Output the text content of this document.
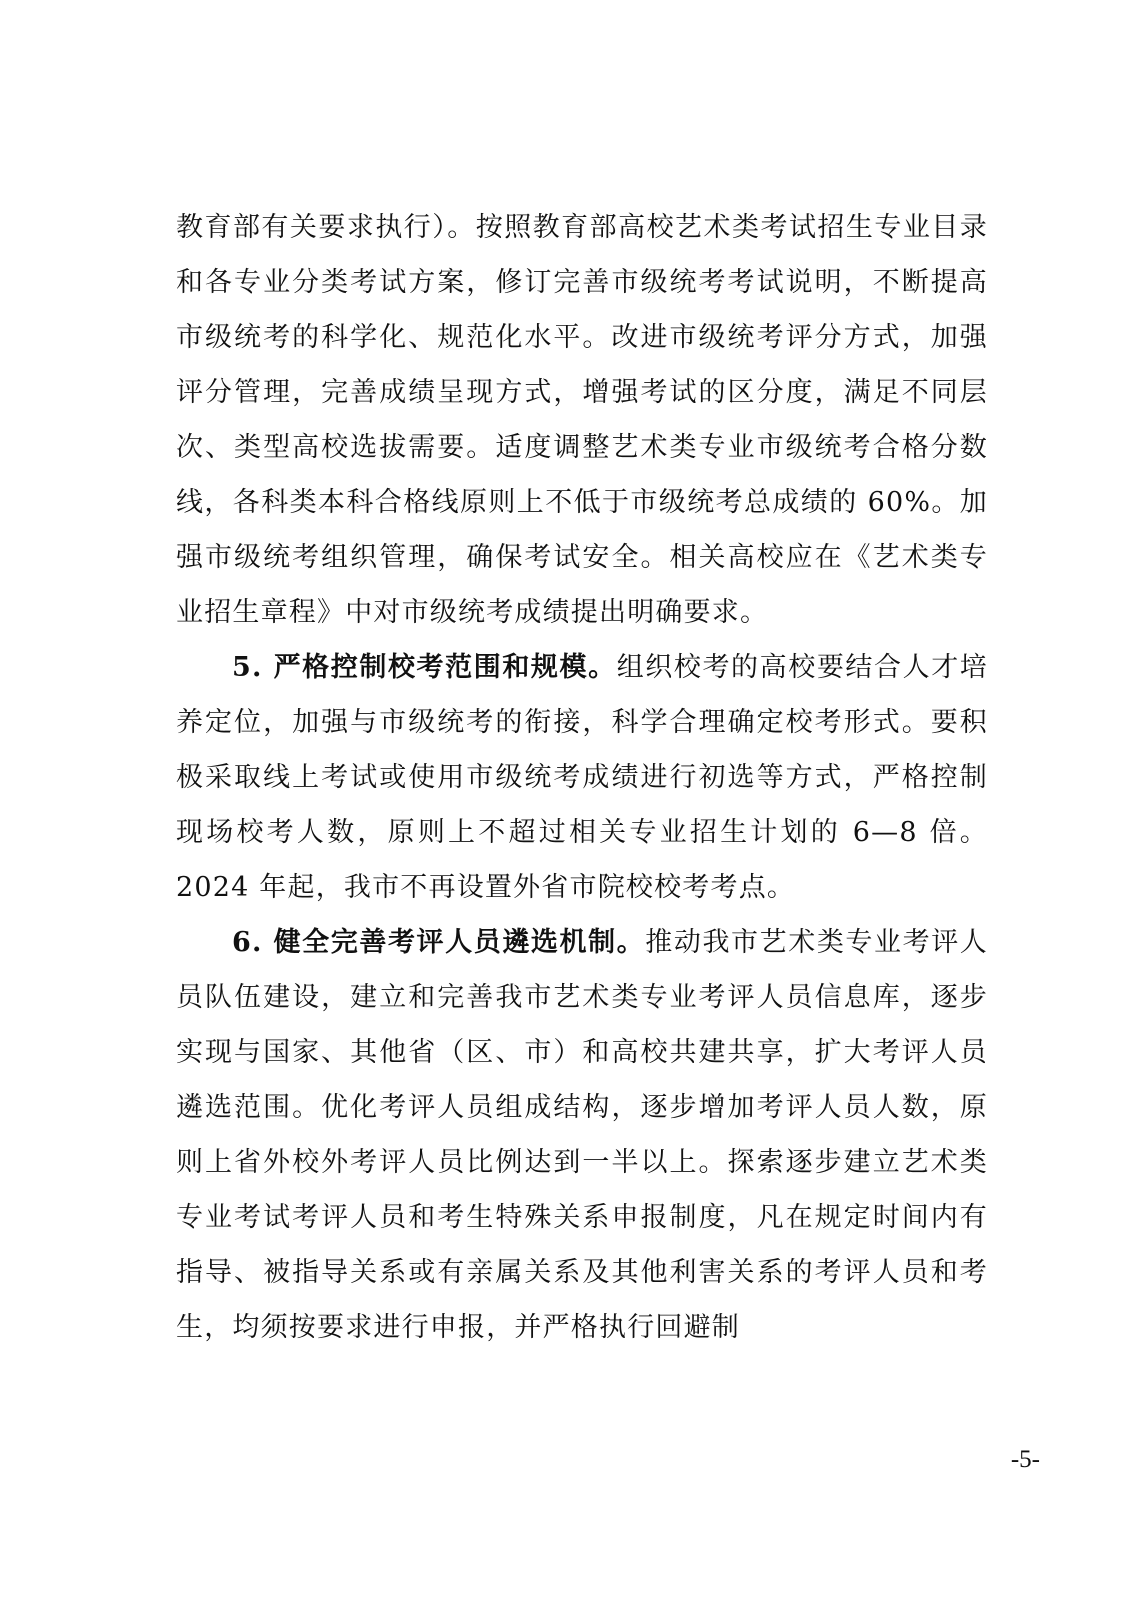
教育部有关要求执行）。按照教育部高校艺术类考试招生专业目录和各专业分类考试方案，修订完善市级统考考试说明，不断提高市级统考的科学化、规范化水平。改进市级统考评分方式，加强评分管理，完善成绩呈现方式，增强考试的区分度，满足不同层次、类型高校选拔需要。适度调整艺术类专业市级统考合格分数线，各科类本科合格线原则上不低于市级统考总成绩的 60%。加强市级统考组织管理，确保考试安全。相关高校应在《艺术类专业招生章程》中对市级统考成绩提出明确要求。

5. 严格控制校考范围和规模。组织校考的高校要结合人才培养定位，加强与市级统考的衔接，科学合理确定校考形式。要积极采取线上考试或使用市级统考成绩进行初选等方式，严格控制现场校考人数，原则上不超过相关专业招生计划的 6—8 倍。2024 年起，我市不再设置外省市院校校考考点。

6. 健全完善考评人员遴选机制。推动我市艺术类专业考评人员队伍建设，建立和完善我市艺术类专业考评人员信息库，逐步实现与国家、其他省（区、市）和高校共建共享，扩大考评人员遴选范围。优化考评人员组成结构，逐步增加考评人员人数，原则上省外校外考评人员比例达到一半以上。探索逐步建立艺术类专业考试考评人员和考生特殊关系申报制度，凡在规定时间内有指导、被指导关系或有亲属关系及其他利害关系的考评人员和考生，均须按要求进行申报，并严格执行回避制

-5-
